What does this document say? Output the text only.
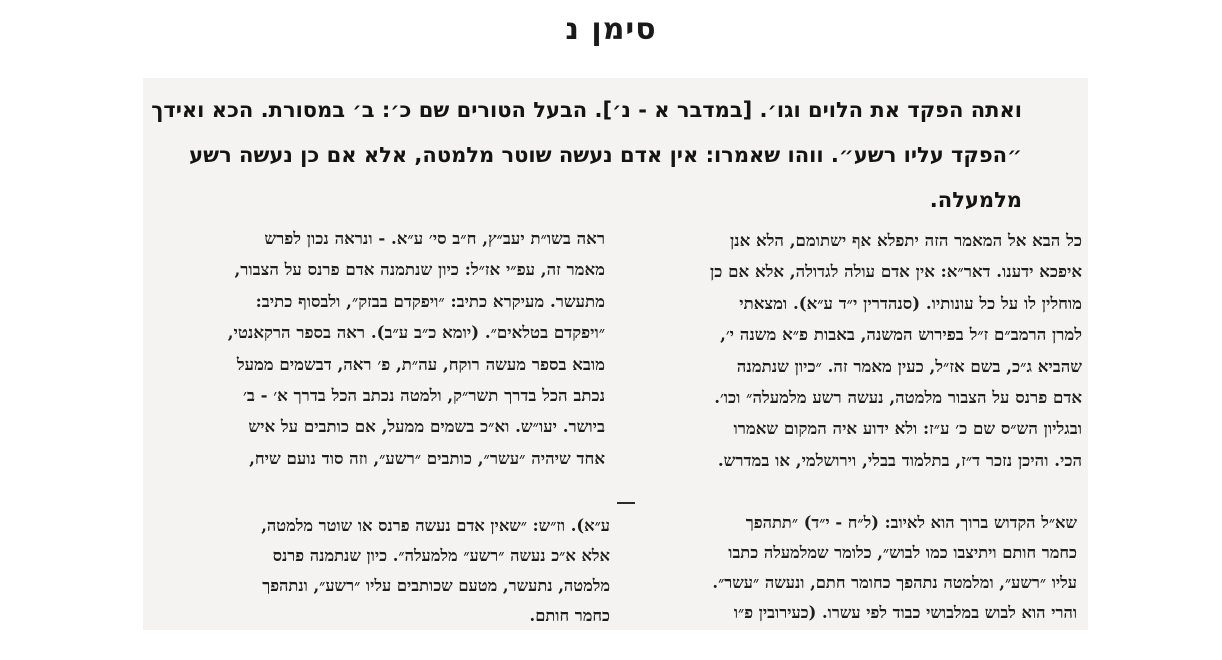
סימן נ
ואתה הפקד את הלוים וגו׳. [במדבר א - נ׳]. הבעל הטורים שם כ׳: ב׳ במסורת. הכא ואידך
״הפקד עליו רשע״. ווהו שאמרו: אין אדם נעשה שוטר מלמטה, אלא אם כן נעשה רשע
מלמעלה.
כל הבא אל המאמר הזה יתפלא אף ישתומם, הלא אנן
איפכא ידענו. דאר״א: אין אדם עולה לגדולה, אלא אם כן
מוחלין לו על כל עונותיו. (סנהדרין י״ד ע״א). ומצאתי
למרן הרמב״ם ז״ל בפירוש המשנה, באבות פ״א משנה י׳,
שהביא ג״כ, בשם אז״ל, כעין מאמר זה. ״כיון שנתמנה
אדם פרנס על הצבור מלמטה, נעשה רשע מלמעלה״ וכו׳.
ובגליון הש״ס שם כ׳ ע״ז: ולא ידוע איה המקום שאמרו
הכי. והיכן נזכר ד״ז, בתלמוד בבלי, וירושלמי, או במדרש.
ראה בשו״ת יעב״ץ, ח״ב סי׳ ע״א. - ונראה נכון לפרש
מאמר זה, עפ״י אז״ל: כיון שנתמנה אדם פרנס על הצבור,
מתעשר. מעיקרא כתיב: ״ויפקדם בבזק״, ולבסוף כתיב:
״ויפקדם בטלאים״. (יומא כ״ב ע״ב). ראה בספר הרקאנטי,
מובא בספר מעשה רוקח, עה״ת, פ׳ ראה, דבשמים ממעל
נכתב הכל בדרך תשר״ק, ולמטה נכתב הכל בדרך א׳ - ב׳
ביושר. יעו״ש. וא״כ בשמים ממעל, אם כותבים על איש
אחד שיהיה ״עשר״, כותבים ״רשע״, וזה סוד נועם שיח,
שא״ל הקדוש ברוך הוא לאיוב: (ל״ח - י״ד) ״תתהפך
כחמר חותם ויתיצבו כמו לבוש״, כלומר שמלמעלה כתבו
עליו ״רשע״, ומלמטה נתהפך כחומר חתם, ונעשה ״עשר״.
והרי הוא לבוש במלבושי כבוד לפי עשרו. (כעירובין פ״ו
ע״א). וז״ש: ״שאין אדם נעשה פרנס או שוטר מלמטה,
אלא א״כ נעשה ״רשע״ מלמעלה״. כיון שנתמנה פרנס
מלמטה, נתעשר, מטעם שכותבים עליו ״רשע״, ונתהפך
כחמר חותם.
